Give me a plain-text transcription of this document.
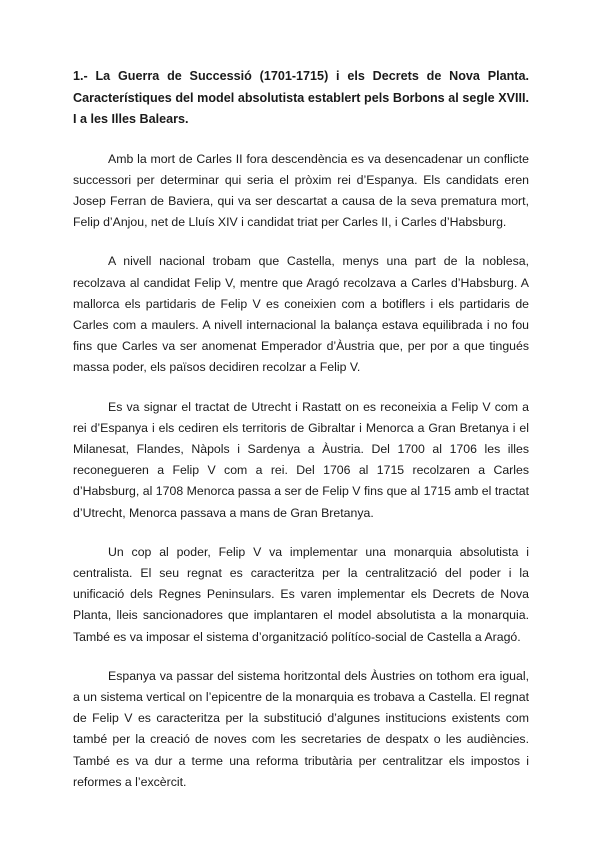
1.- La Guerra de Successió (1701-1715) i els Decrets de Nova Planta. Característiques del model absolutista establert pels Borbons al segle XVIII. I a les Illes Balears.

Amb la mort de Carles II fora descendència es va desencadenar un conflicte successori per determinar qui seria el pròxim rei d’Espanya. Els candidats eren Josep Ferran de Baviera, qui va ser descartat a causa de la seva prematura mort, Felip d’Anjou, net de Lluís XIV i candidat triat per Carles II, i Carles d’Habsburg.

A nivell nacional trobam que Castella, menys una part de la noblesa, recolzava al candidat Felip V, mentre que Aragó recolzava a Carles d’Habsburg. A mallorca els partidaris de Felip V es coneixien com a botiflers i els partidaris de Carles com a maulers. A nivell internacional la balança estava equilibrada i no fou fins que Carles va ser anomenat Emperador d’Àustria que, per por a que tingués massa poder, els països decidiren recolzar a Felip V.

Es va signar el tractat de Utrecht i Rastatt on es reconeixia a Felip V com a rei d’Espanya i els cediren els territoris de Gibraltar i Menorca a Gran Bretanya i el Milanesat, Flandes, Nàpols i Sardenya a Àustria. Del 1700 al 1706 les illes reconegueren a Felip V com a rei. Del 1706 al 1715 recolzaren a Carles d’Habsburg, al 1708 Menorca passa a ser de Felip V fins que al 1715 amb el tractat d’Utrecht, Menorca passava a mans de Gran Bretanya.

Un cop al poder, Felip V va implementar una monarquia absolutista i centralista. El seu regnat es caracteritza per la centralització del poder i la unificació dels Regnes Peninsulars. Es varen implementar els Decrets de Nova Planta, lleis sancionadores que implantaren el model absolutista a la monarquia. També es va imposar el sistema d’organització polítíco-social de Castella a Aragó.

Espanya va passar del sistema horitzontal dels Àustries on tothom era igual, a un sistema vertical on l’epicentre de la monarquia es trobava a Castella. El regnat de Felip V es caracteritza per la substitució d’algunes institucions existents com també per la creació de noves com les secretaries de despatx o les audiències. També es va dur a terme una reforma tributària per centralitzar els impostos i reformes a l’excèrcit.
